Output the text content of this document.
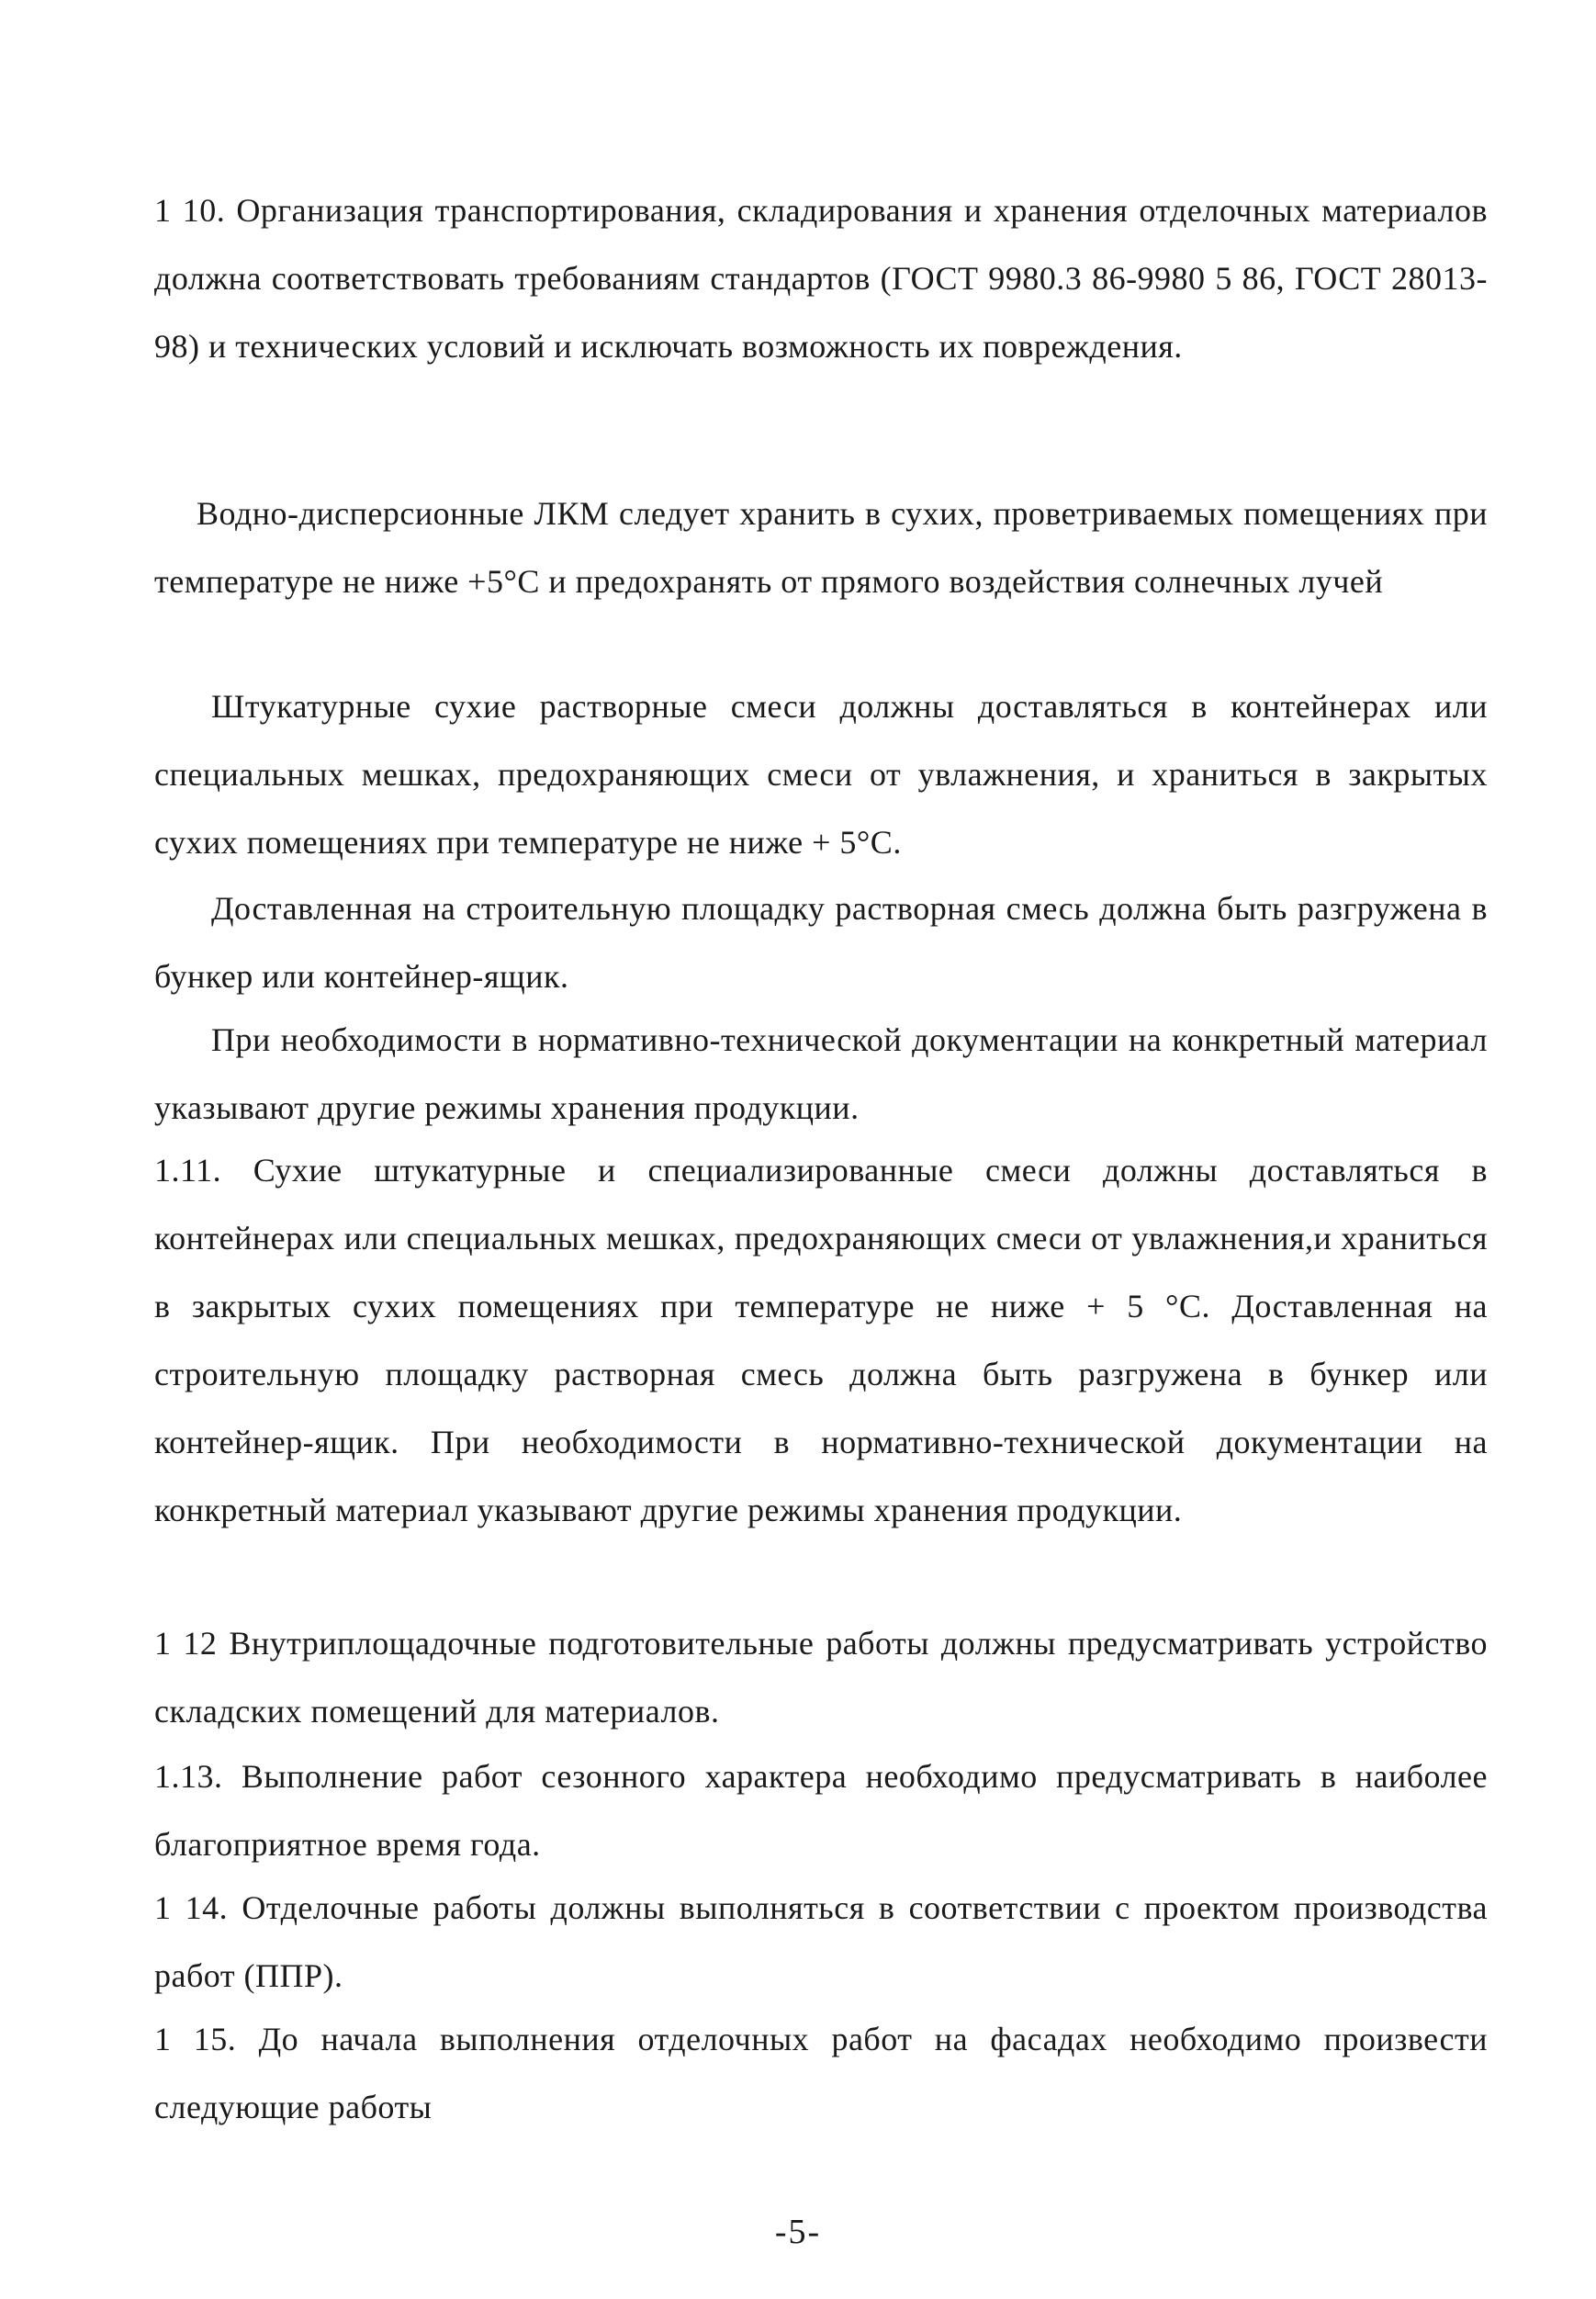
1 10. Организация транспортирования, складирования и хранения отделочных материалов должна соответствовать требованиям стандартов (ГОСТ 9980.3 86-9980 5 86, ГОСТ 28013-98) и технических условий и исключать возможность их повреждения.

Водно-дисперсионные ЛКМ следует хранить в сухих, проветриваемых помещениях при температуре не ниже +5°С и предохранять от прямого воздействия солнечных лучей

Штукатурные сухие растворные смеси должны доставляться в контейнерах или специальных мешках, предохраняющих смеси от увлажнения, и храниться в закрытых сухих помещениях при температуре не ниже + 5°С.

Доставленная на строительную площадку растворная смесь должна быть разгружена в бункер или контейнер-ящик.

При необходимости в нормативно-технической документации на конкретный материал указывают другие режимы хранения продукции.

1.11. Сухие штукатурные и специализированные смеси должны доставляться в контейнерах или специальных мешках, предохраняющих смеси от увлажнения,и храниться в закрытых сухих помещениях при температуре не ниже + 5 °С. Доставленная на строительную площадку растворная смесь должна быть разгружена в бункер или контейнер-ящик. При необходимости в нормативно-технической документации на конкретный материал указывают другие режимы хранения продукции.

1 12 Внутриплощадочные подготовительные работы должны предусматривать устройство складских помещений для материалов.

1.13. Выполнение работ сезонного характера необходимо предусматривать в наиболее благоприятное время года.

1 14. Отделочные работы должны выполняться в соответствии с проектом производства работ (ППР).

1 15. До начала выполнения отделочных работ на фасадах необходимо произвести следующие работы

-5-
